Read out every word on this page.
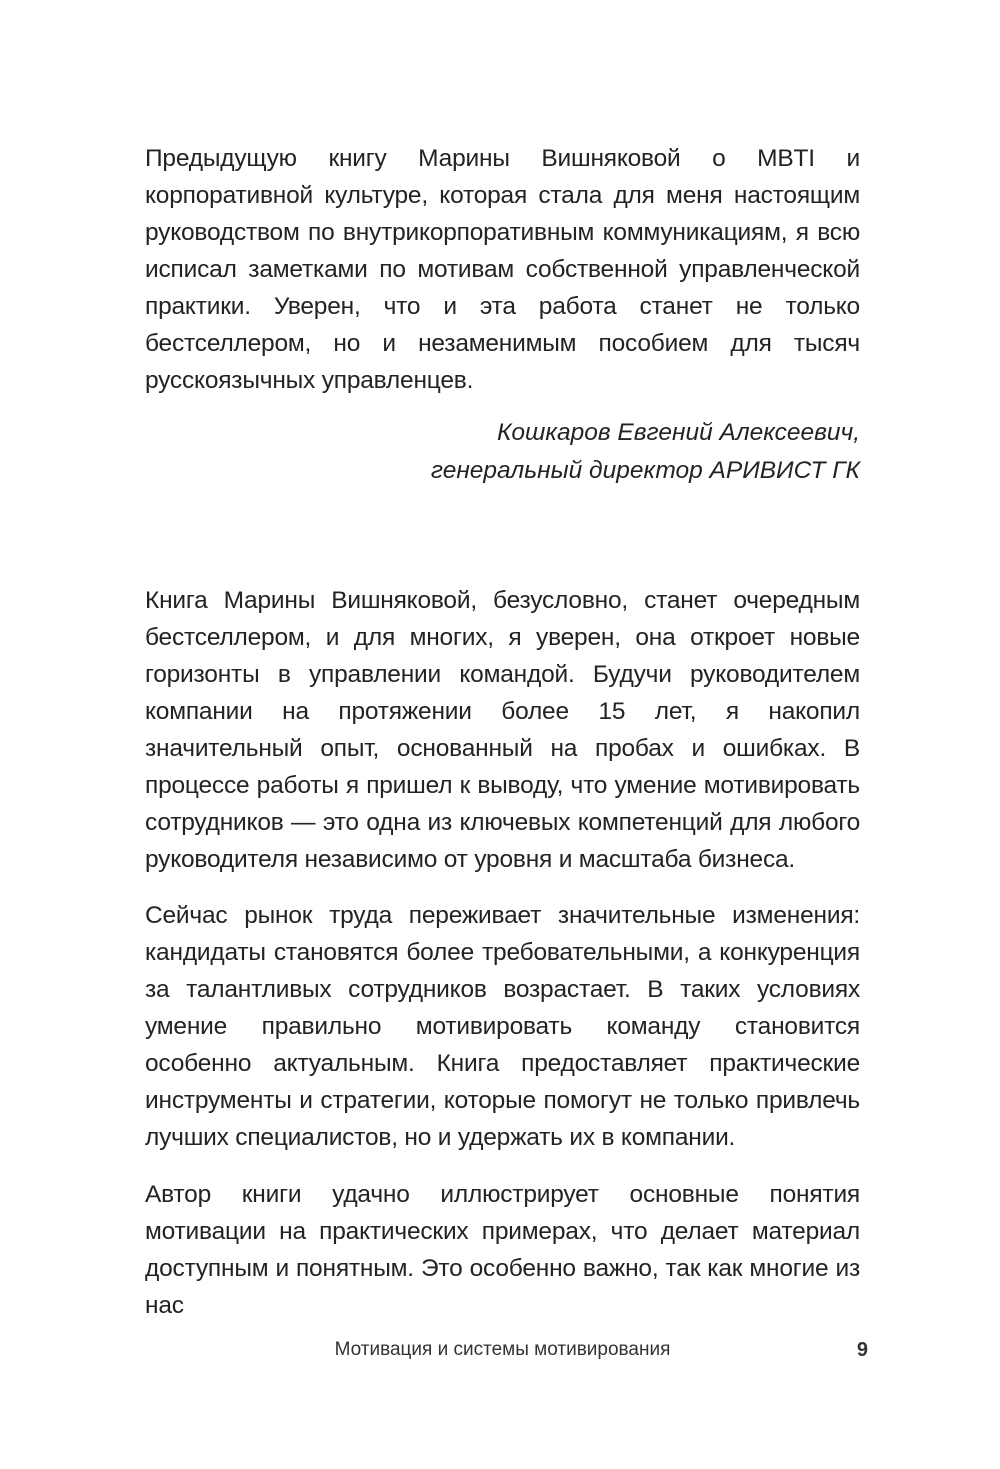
Предыдущую книгу Марины Вишняковой о MBTI и корпоративной культуре, которая стала для меня настоящим руководством по внутрикорпоративным коммуникациям, я всю исписал заметками по мотивам собственной управленческой практики. Уверен, что и эта работа станет не только бестселлером, но и незаменимым пособием для тысяч русскоязычных управленцев.

Кошкаров Евгений Алексеевич,
генеральный директор АРИВИСТ ГК

Книга Марины Вишняковой, безусловно, станет очередным бестселлером, и для многих, я уверен, она откроет новые горизонты в управлении командой. Будучи руководителем компании на протяжении более 15 лет, я накопил значительный опыт, основанный на пробах и ошибках. В процессе работы я пришел к выводу, что умение мотивировать сотрудников — это одна из ключевых компетенций для любого руководителя независимо от уровня и масштаба бизнеса.

Сейчас рынок труда переживает значительные изменения: кандидаты становятся более требовательными, а конкуренция за талантливых сотрудников возрастает. В таких условиях умение правильно мотивировать команду становится особенно актуальным. Книга предоставляет практические инструменты и стратегии, которые помогут не только привлечь лучших специалистов, но и удержать их в компании.

Автор книги удачно иллюстрирует основные понятия мотивации на практических примерах, что делает материал доступным и понятным. Это особенно важно, так как многие из нас

Мотивация и системы мотивирования	9
